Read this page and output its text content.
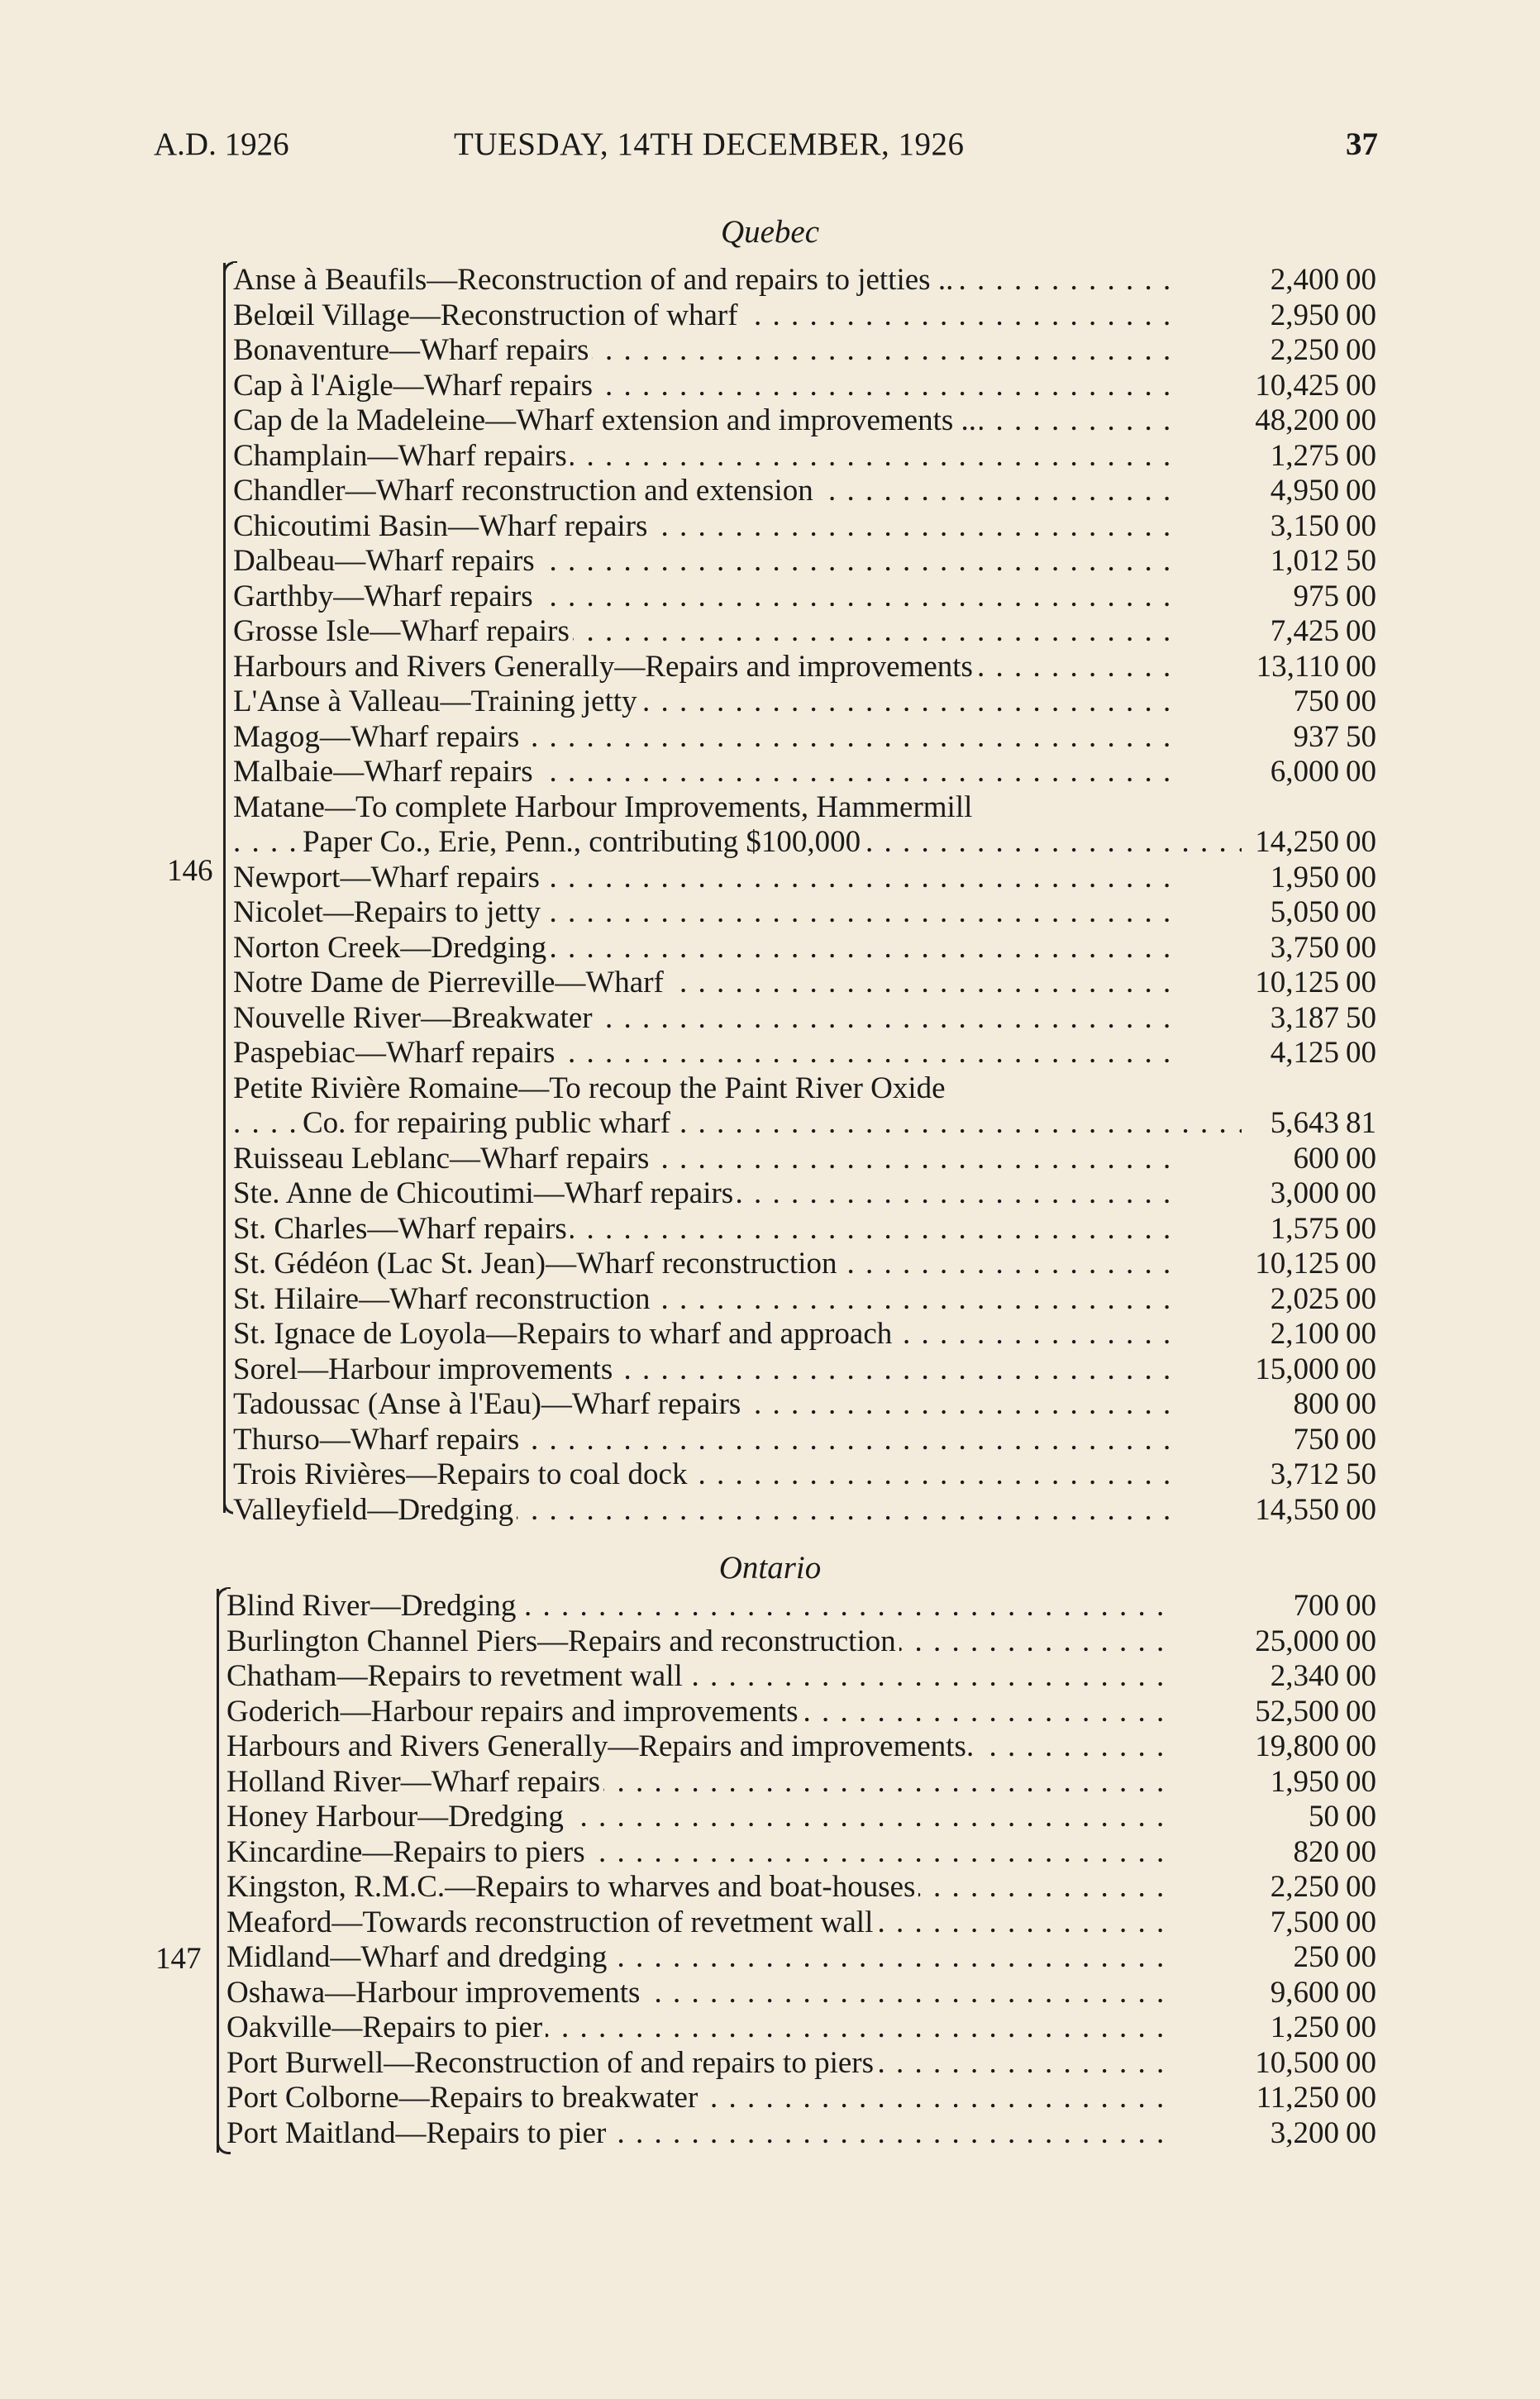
A.D. 1926	TUESDAY, 14TH DECEMBER, 1926	37
Quebec
146
Anse à Beaufils—Reconstruction of and repairs to jetties .. . . .	2,400 00
Belœil Village—Reconstruction of wharf . . .	2,950 00
Bonaventure—Wharf repairs . . .	2,250 00
Cap à l'Aigle—Wharf repairs . . .	10,425 00
Cap de la Madeleine—Wharf extension and improvements .. . . .	48,200 00
Champlain—Wharf repairs . . .	1,275 00
Chandler—Wharf reconstruction and extension . . .	4,950 00
Chicoutimi Basin—Wharf repairs . . .	3,150 00
Dalbeau—Wharf repairs . . .	1,012 50
Garthby—Wharf repairs . . .	975 00
Grosse Isle—Wharf repairs . . .	7,425 00
Harbours and Rivers Generally—Repairs and improvements . . .	13,110 00
L'Anse à Valleau—Training jetty . . .	750 00
Magog—Wharf repairs . . .	937 50
Malbaie—Wharf repairs . . .	6,000 00
Matane—To complete Harbour Improvements, Hammermill
Paper Co., Erie, Penn., contributing $100,000 . . .	14,250 00
Newport—Wharf repairs . . .	1,950 00
Nicolet—Repairs to jetty . . .	5,050 00
Norton Creek—Dredging . . .	3,750 00
Notre Dame de Pierreville—Wharf . . .	10,125 00
Nouvelle River—Breakwater . . .	3,187 50
Paspebiac—Wharf repairs . . .	4,125 00
Petite Rivière Romaine—To recoup the Paint River Oxide
Co. for repairing public wharf . . .	5,643 81
Ruisseau Leblanc—Wharf repairs . . .	600 00
Ste. Anne de Chicoutimi—Wharf repairs . . .	3,000 00
St. Charles—Wharf repairs . . .	1,575 00
St. Gédéon (Lac St. Jean)—Wharf reconstruction . . .	10,125 00
St. Hilaire—Wharf reconstruction . . .	2,025 00
St. Ignace de Loyola—Repairs to wharf and approach . . .	2,100 00
Sorel—Harbour improvements . . .	15,000 00
Tadoussac (Anse à l'Eau)—Wharf repairs . . .	800 00
Thurso—Wharf repairs . . .	750 00
Trois Rivières—Repairs to coal dock . . .	3,712 50
Valleyfield—Dredging . . .	14,550 00
Ontario
147
Blind River—Dredging . . .	700 00
Burlington Channel Piers—Repairs and reconstruction . . .	25,000 00
Chatham—Repairs to revetment wall . . .	2,340 00
Goderich—Harbour repairs and improvements . . .	52,500 00
Harbours and Rivers Generally—Repairs and improvements. . . .	19,800 00
Holland River—Wharf repairs . . .	1,950 00
Honey Harbour—Dredging . . .	50 00
Kincardine—Repairs to piers . . .	820 00
Kingston, R.M.C.—Repairs to wharves and boat-houses . . .	2,250 00
Meaford—Towards reconstruction of revetment wall . . .	7,500 00
Midland—Wharf and dredging . . .	250 00
Oshawa—Harbour improvements . . .	9,600 00
Oakville—Repairs to pier . . .	1,250 00
Port Burwell—Reconstruction of and repairs to piers . . .	10,500 00
Port Colborne—Repairs to breakwater . . .	11,250 00
Port Maitland—Repairs to pier . . .	3,200 00
